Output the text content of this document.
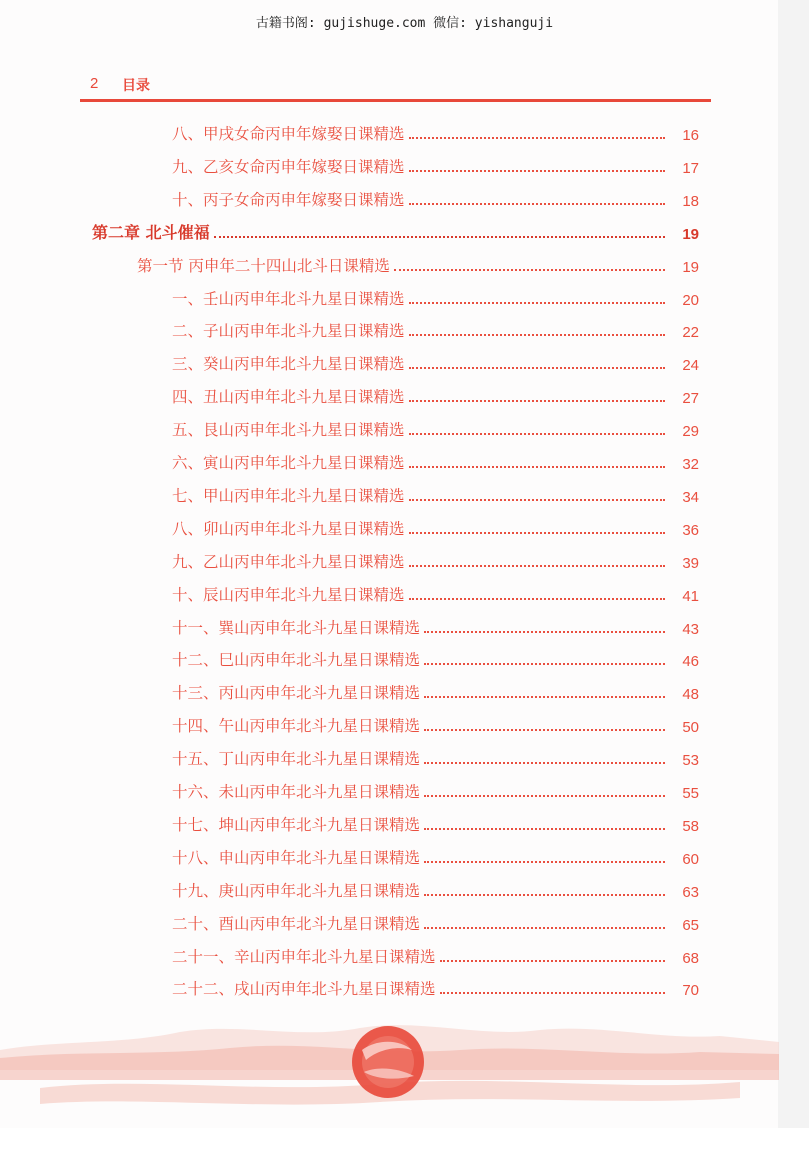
古籍书阁: gujishuge.com 微信: yishanguji
2 目录
八、甲戌女命丙申年嫁娶日课精选	16
九、乙亥女命丙申年嫁娶日课精选	17
十、丙子女命丙申年嫁娶日课精选	18
第二章 北斗催福	19
第一节 丙申年二十四山北斗日课精选	19
一、壬山丙申年北斗九星日课精选	20
二、子山丙申年北斗九星日课精选	22
三、癸山丙申年北斗九星日课精选	24
四、丑山丙申年北斗九星日课精选	27
五、艮山丙申年北斗九星日课精选	29
六、寅山丙申年北斗九星日课精选	32
七、甲山丙申年北斗九星日课精选	34
八、卯山丙申年北斗九星日课精选	36
九、乙山丙申年北斗九星日课精选	39
十、辰山丙申年北斗九星日课精选	41
十一、巽山丙申年北斗九星日课精选	43
十二、巳山丙申年北斗九星日课精选	46
十三、丙山丙申年北斗九星日课精选	48
十四、午山丙申年北斗九星日课精选	50
十五、丁山丙申年北斗九星日课精选	53
十六、未山丙申年北斗九星日课精选	55
十七、坤山丙申年北斗九星日课精选	58
十八、申山丙申年北斗九星日课精选	60
十九、庚山丙申年北斗九星日课精选	63
二十、酉山丙申年北斗九星日课精选	65
二十一、辛山丙申年北斗九星日课精选	68
二十二、戌山丙申年北斗九星日课精选	70
